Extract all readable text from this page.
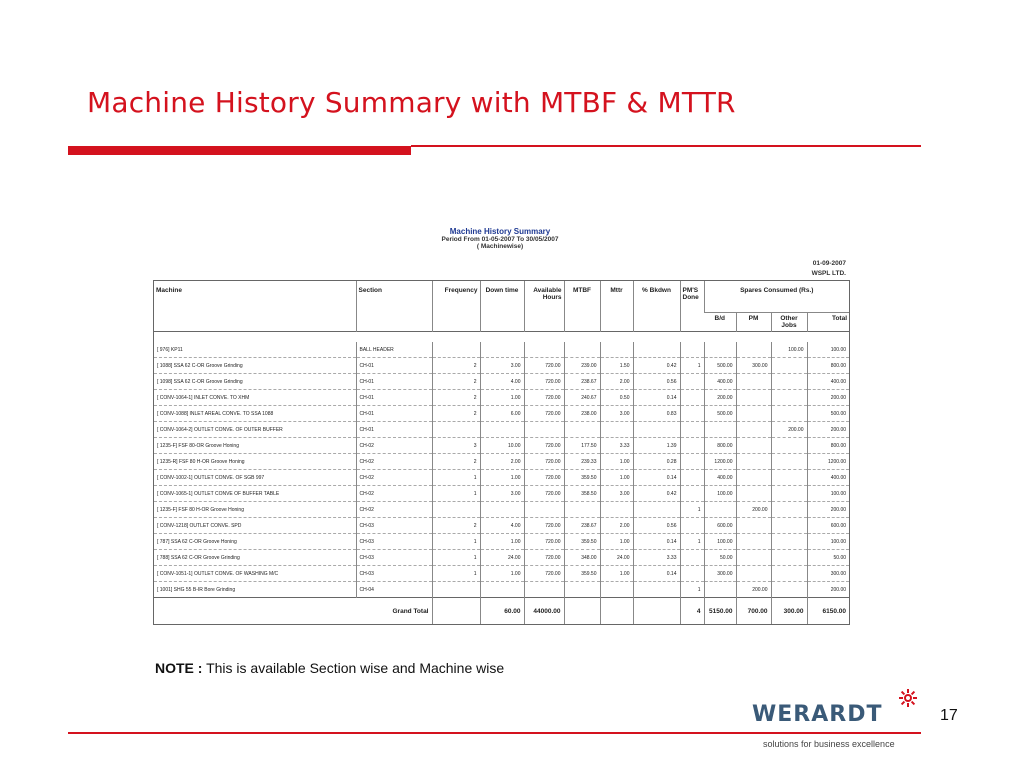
Machine History Summary with MTBF & MTTR
Machine History Summary
Period From 01-05-2007 To 30/05/2007
( Machinewise)
01-09-2007
WSPL LTD.
Machine	Section	Frequency	Down time	Available Hours	MTBF	Mttr	% Bkdwn	PM'S Done	Spares Consumed (Rs.)			
									B/d	PM	Other Jobs	Total

[ 976] KP11	BALL HEADER										100.00	100.00
[ 1088] SSA 62 C-OR Groove Grinding	CH-01	2	3.00	720.00	239.00	1.50	0.42	1	500.00	300.00		800.00
[ 1098] SSA 62 C-OR Groove Grinding	CH-01	2	4.00	720.00	238.67	2.00	0.56		400.00			400.00
[ CONV-1064-1] INLET CONVE. TO XHM	CH-01	2	1.00	720.00	240.67	0.50	0.14		200.00			200.00
[ CONV-1088] INLET AREAL CONVE. TO SSA 1088	CH-01	2	6.00	720.00	238.00	3.00	0.83		500.00			500.00
[ CONV-1064-2] OUTLET CONVE. OF OUTER BUFFER	CH-01										200.00	200.00
[ 1235-F] FSF 80-OR Groove Honing	CH-02	3	10.00	720.00	177.50	3.33	1.39		800.00			800.00
[ 1235-R] FSF 80 H-OR Groove Honing	CH-02	2	2.00	720.00	239.33	1.00	0.28		1200.00			1200.00
[ CONV-1002-1] OUTLET CONVE. OF SGB 997	CH-02	1	1.00	720.00	359.50	1.00	0.14		400.00			400.00
[ CONV-1065-1] OUTLET CONVE OF BUFFER TABLE	CH-02	1	3.00	720.00	358.50	3.00	0.42		100.00			100.00
[ 1235-F] FSF 80 H-OR Groove Honing	CH-02							1		200.00		200.00
[ CONV-1218] OUTLET CONVE. SPD	CH-03	2	4.00	720.00	238.67	2.00	0.56		600.00			600.00
[ 787] SSA 62 C-OR Groove Honing	CH-03	1	1.00	720.00	359.50	1.00	0.14	1	100.00			100.00
[ 788] SSA 62 C-OR Groove Grinding	CH-03	1	24.00	720.00	348.00	24.00	3.33		50.00			50.00
[ CONV-1051-1] OUTLET CONVE. OF WASHING M/C	CH-03	1	1.00	720.00	359.50	1.00	0.14		300.00			300.00
[ 1001] SHG 55 B-IR Bore Grinding	CH-04							1		200.00		200.00
Grand Total			60.00	44000.00				4	5150.00	700.00	300.00	6150.00
NOTE : This is available Section wise and Machine wise
WERARDT	17
solutions for business excellence
